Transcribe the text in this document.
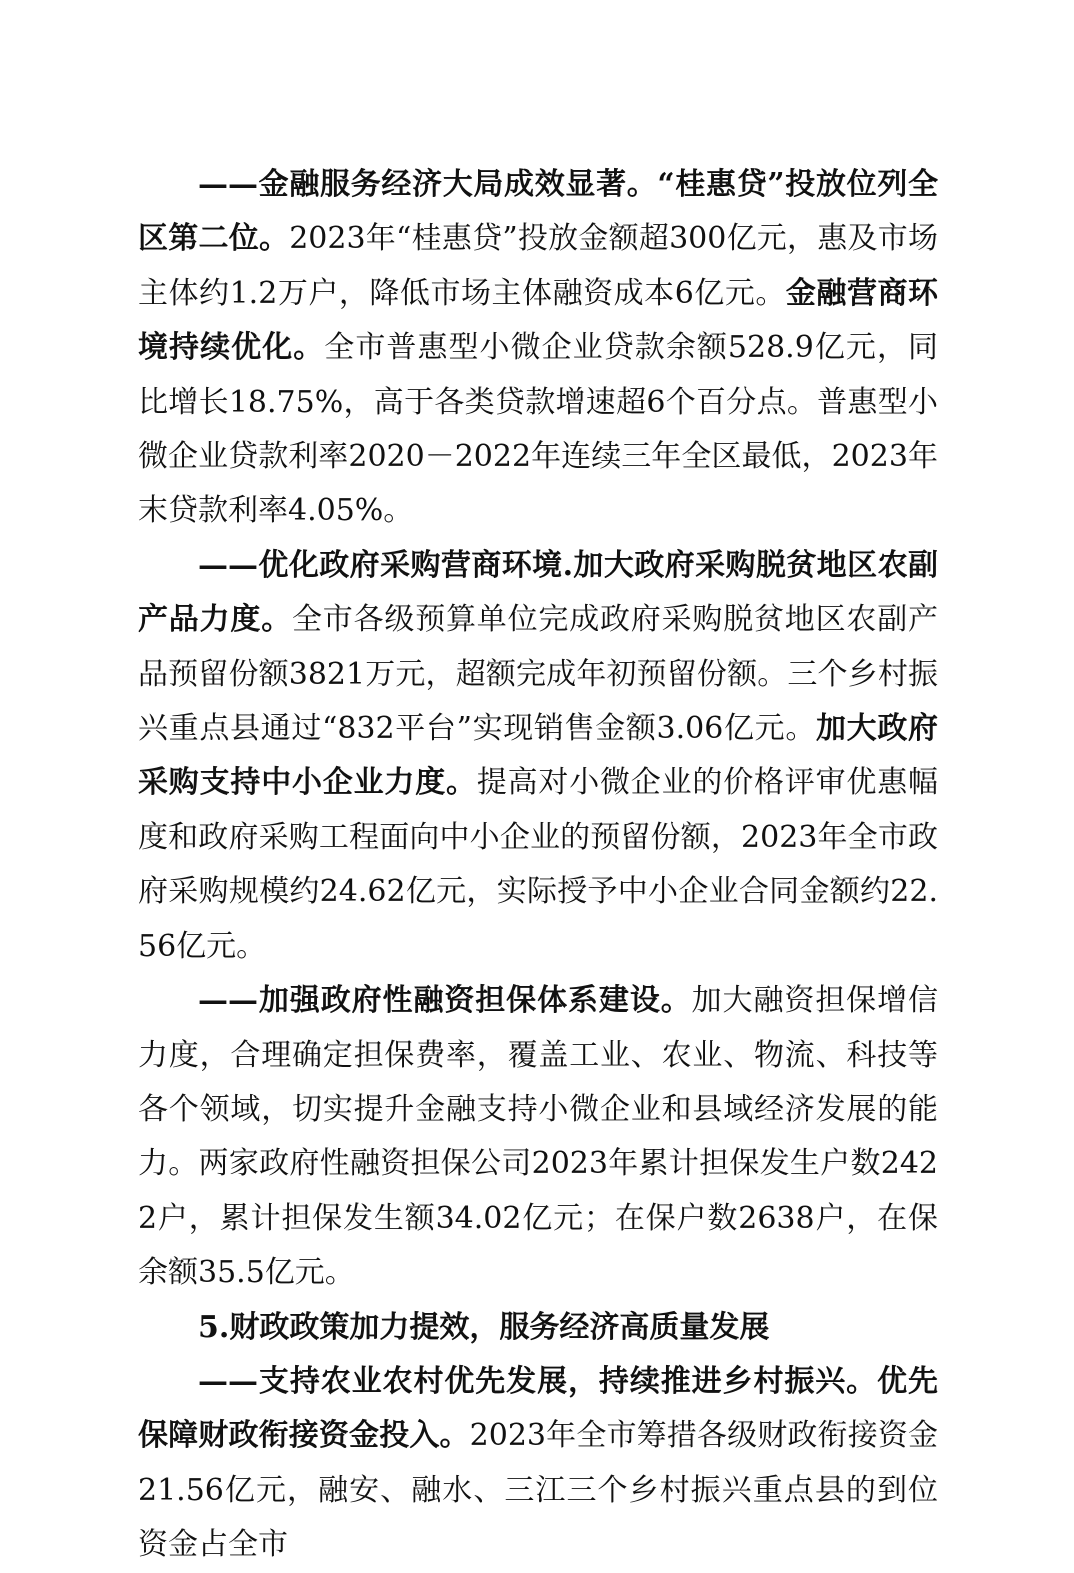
——金融服务经济大局成效显著。“桂惠贷”投放位列全区第二位。2023年“桂惠贷”投放金额超300亿元，惠及市场主体约1.2万户，降低市场主体融资成本6亿元。金融营商环境持续优化。全市普惠型小微企业贷款余额528.9亿元，同比增长18.75%，高于各类贷款增速超6个百分点。普惠型小微企业贷款利率2020－2022年连续三年全区最低，2023年末贷款利率4.05%。

——优化政府采购营商环境.加大政府采购脱贫地区农副产品力度。全市各级预算单位完成政府采购脱贫地区农副产品预留份额3821万元，超额完成年初预留份额。三个乡村振兴重点县通过“832平台”实现销售金额3.06亿元。加大政府采购支持中小企业力度。提高对小微企业的价格评审优惠幅度和政府采购工程面向中小企业的预留份额，2023年全市政府采购规模约24.62亿元，实际授予中小企业合同金额约22.56亿元。

——加强政府性融资担保体系建设。加大融资担保增信力度，合理确定担保费率，覆盖工业、农业、物流、科技等各个领域，切实提升金融支持小微企业和县域经济发展的能力。两家政府性融资担保公司2023年累计担保发生户数2422户，累计担保发生额34.02亿元；在保户数2638户，在保余额35.5亿元。

5.财政政策加力提效，服务经济高质量发展

——支持农业农村优先发展，持续推进乡村振兴。优先保障财政衔接资金投入。2023年全市筹措各级财政衔接资金21.56亿元，融安、融水、三江三个乡村振兴重点县的到位资金占全市
